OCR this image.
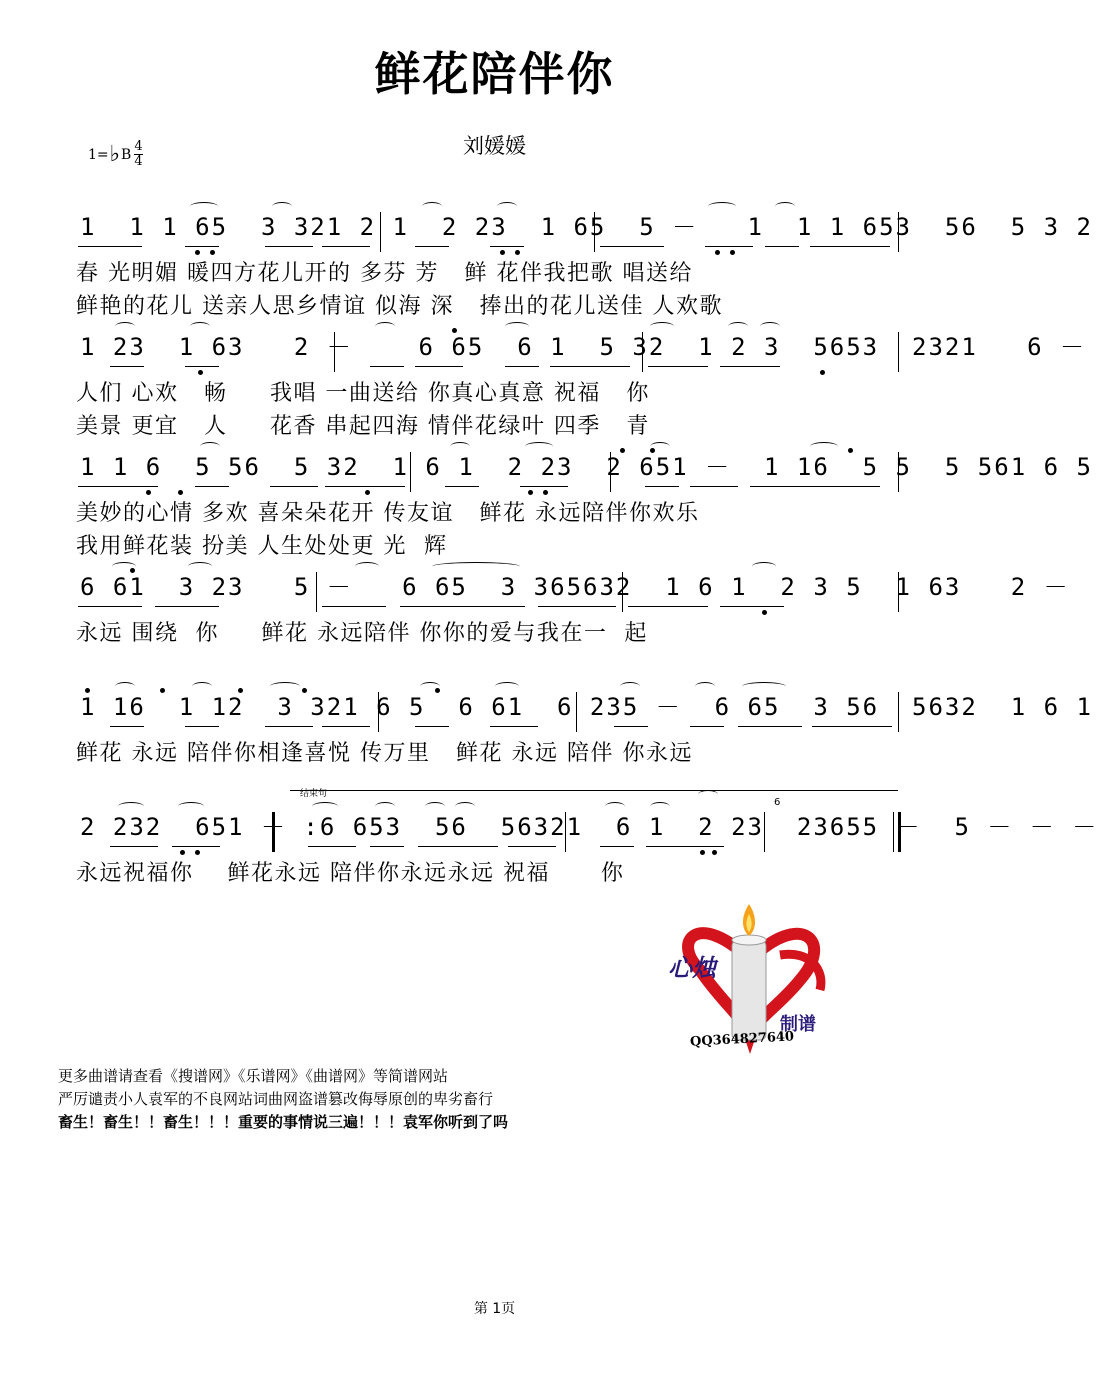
鲜花陪伴你
1= ♭ B $\frac{4}{4}$	刘媛媛
1  1 1 65  3 321 2 1  2 23  1 65  5 －   1  1 1 653  56  5 3 2
春 光明媚 暖四方花儿开的 多芬 芳   鲜 花伴我把歌 唱送给
鲜艳的花儿 送亲人思乡情谊 似海 深   捧出的花儿送佳 人欢歌
1 23  1 63   2 －    6 65  6 1  5 32  1 2 3  5653  2321   6 －
人们 心欢   畅     我唱 一曲送给 你真心真意 祝福   你
美景 更宜   人     花香 串起四海 情伴花绿叶 四季   青
1 1 6  5 56  5 32  1 6 1  2 23  2 651 －  1 16  5 5  5 561 6 5
美妙的心情 多欢 喜朵朵花开 传友谊   鲜花 永远陪伴你欢乐
我用鲜花装 扮美 人生处处更 光  辉
6 61  3 23   5 －   6 65  3 365632  1 6 1  2 3 5  1 63   2 －
永远 围绕  你     鲜花 永远陪伴 你你的爱与我在一  起
1 16  1 12  3 321 6 5  6 61  6 235 －  6 65  3 56  5632  1 6 1
鲜花 永远 陪伴你相逢喜悦 传万里   鲜花 永远 陪伴 你永远
结束句
6
2 232  651 － :6 653  56  56321  6 1  2 23  23655 －  5 － － －
永远祝福你    鲜花永远 陪伴你永远永远 祝福      你
心烛
制谱
QQ364827640
更多曲谱请查看《搜谱网》《乐谱网》《曲谱网》等简谱网站
严厉谴责小人袁军的不良网站词曲网盗谱篡改侮辱原创的卑劣畜行
畜生！畜生！！畜生！！！重要的事情说三遍！！！袁军你听到了吗
第 1页
